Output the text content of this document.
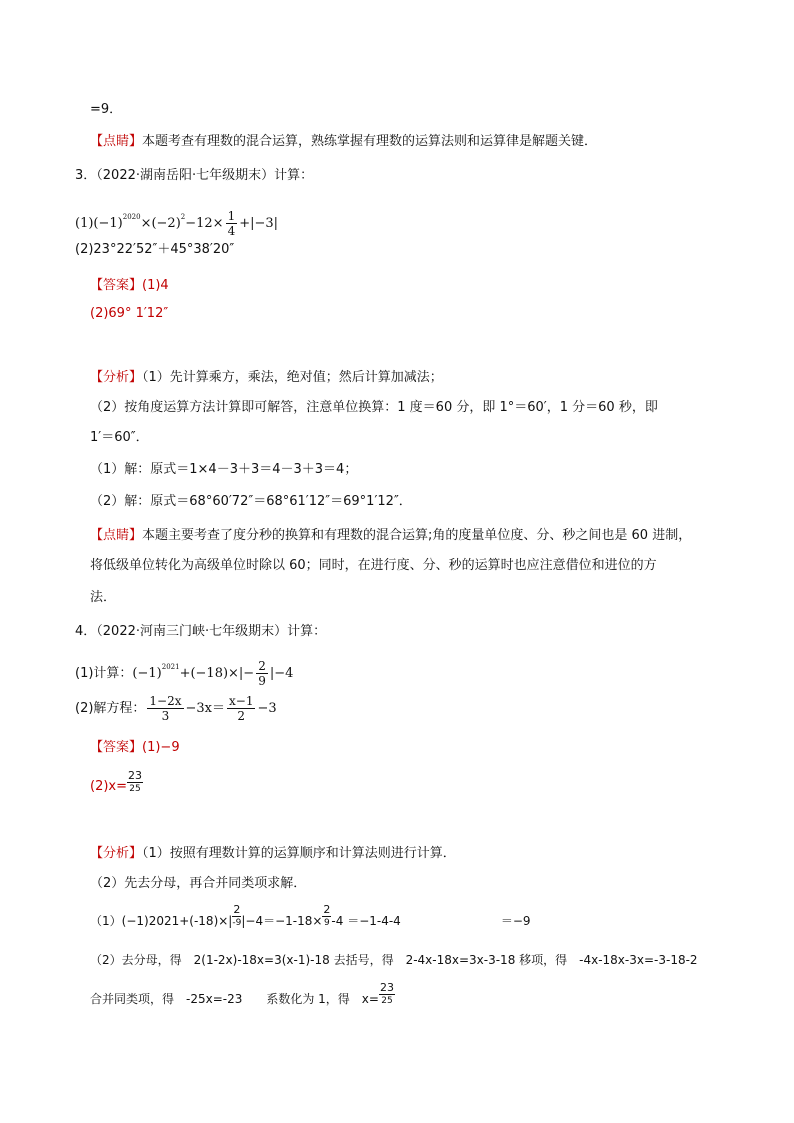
=9．
【点睛】本题考查有理数的混合运算，熟练掌握有理数的运算法则和运算律是解题关键．
3．（2022·湖南岳阳·七年级期末）计算：
$(1)(-1)^{2020}\times(-2)^2-12\times \frac{1}{4} +|-3|$
(2)23°22′52″＋45°38′20″
【答案】(1)4
(2)69° 1′12″
【分析】（1）先计算乘方，乘法，绝对值；然后计算加减法；
（2）按角度运算方法计算即可解答，注意单位换算：1 度＝60 分，即 1°＝60′，1 分＝60 秒，即
1′＝60″．
（1）解：原式＝1×4－3＋3＝4－3＋3＝4；
（2）解：原式＝68°60′72″＝68°61′12″＝69°1′12″．
【点睛】本题主要考查了度分秒的换算和有理数的混合运算;角的度量单位度、分、秒之间也是 60 进制，
将低级单位转化为高级单位时除以 60；同时，在进行度、分、秒的运算时也应注意借位和进位的方
法．
4．（2022·河南三门峡·七年级期末）计算：
(1)计算：$(-1)^{2021}+(-18)\times|- \frac{2}{9} |-4$
(2)解方程： $\frac{1-2x}{3} -3x= \frac{x-1}{2} -3$
【答案】(1)−9
$(2)x= \frac{23}{25}$
【分析】（1）按照有理数计算的运算顺序和计算法则进行计算．
（2）先去分母，再合并同类项求解．
$(1)(-1)2021+(-18)\times| \frac{2}{-9} |-4=-1-18\times \frac{2}{9} -4 =-1-4-4$	＝−9
（2）去分母，得　2(1-2x)-18x=3(x-1)-18 去括号，得　2-4x-18x=3x-3-18 移项，得　-4x-18x-3x=-3-18-2
合并同类项，得　-25x=-23　　系数化为 1，得　$x= \frac{23}{25}$
